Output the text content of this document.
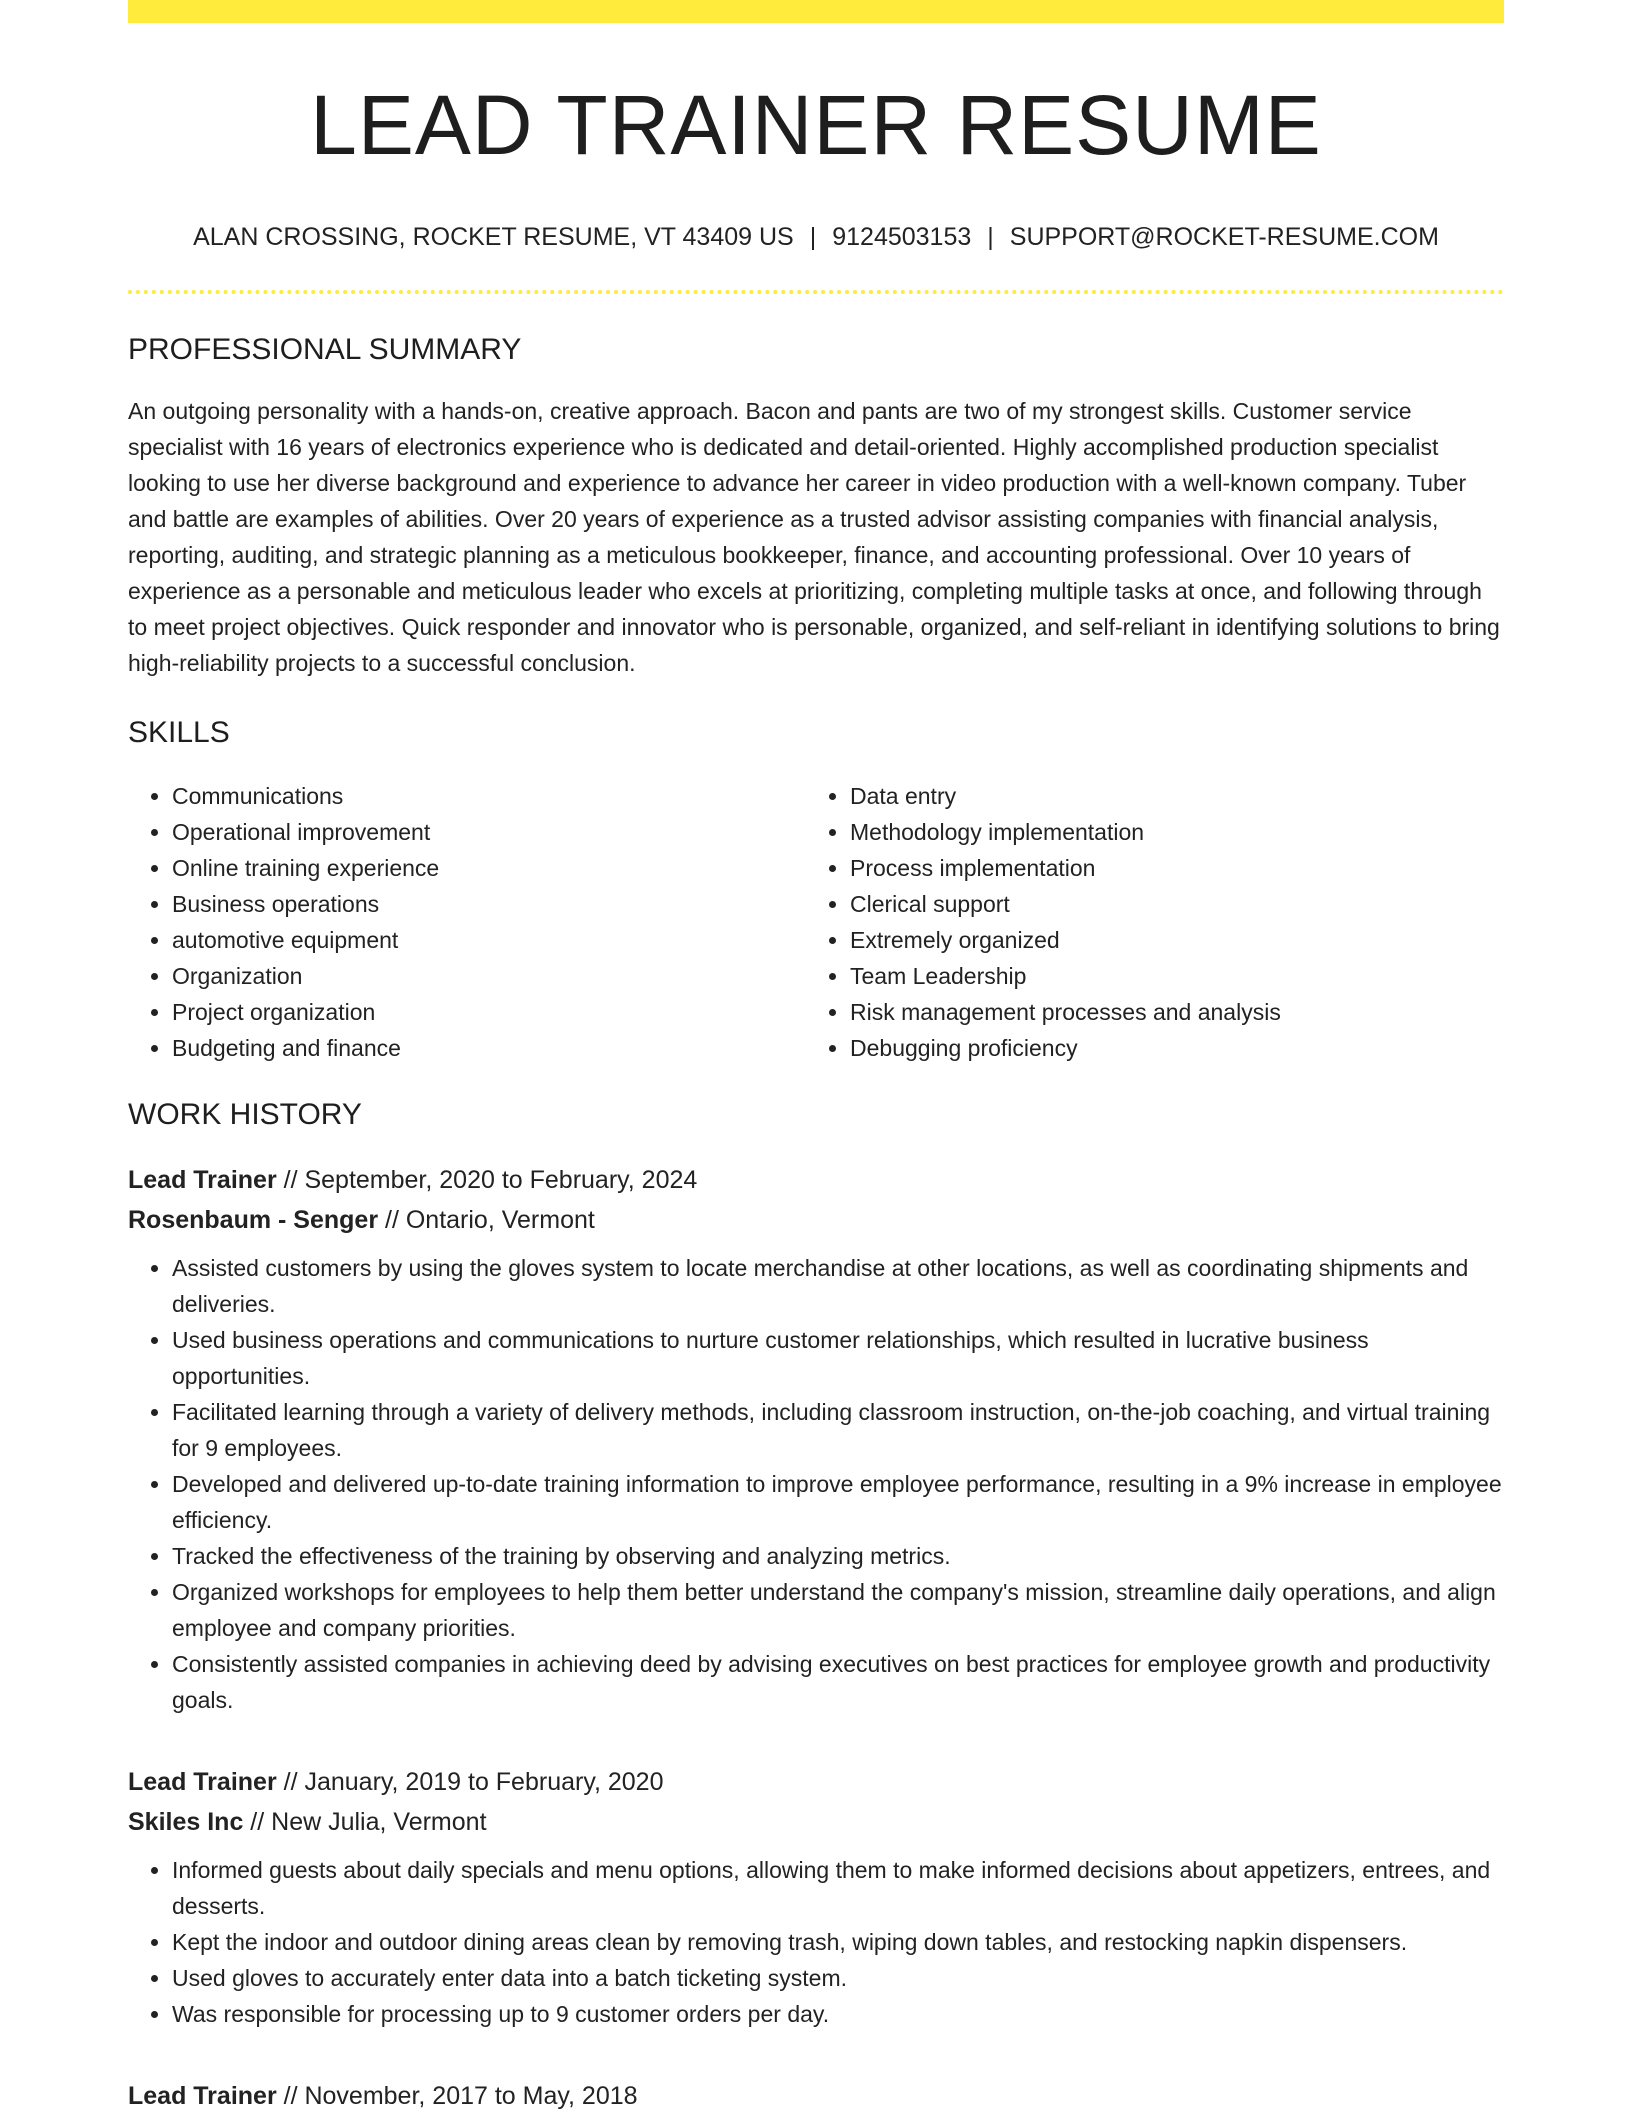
LEAD TRAINER RESUME
ALAN CROSSING, ROCKET RESUME, VT 43409 US | 9124503153 | SUPPORT@ROCKET-RESUME.COM
PROFESSIONAL SUMMARY

An outgoing personality with a hands-on, creative approach. Bacon and pants are two of my strongest skills. Customer service specialist with 16 years of electronics experience who is dedicated and detail-oriented. Highly accomplished production specialist looking to use her diverse background and experience to advance her career in video production with a well-known company. Tuber and battle are examples of abilities. Over 20 years of experience as a trusted advisor assisting companies with financial analysis, reporting, auditing, and strategic planning as a meticulous bookkeeper, finance, and accounting professional. Over 10 years of experience as a personable and meticulous leader who excels at prioritizing, completing multiple tasks at once, and following through to meet project objectives. Quick responder and innovator who is personable, organized, and self-reliant in identifying solutions to bring high-reliability projects to a successful conclusion.

SKILLS
• Communications
• Operational improvement
• Online training experience
• Business operations
• automotive equipment
• Organization
• Project organization
• Budgeting and finance
• Data entry
• Methodology implementation
• Process implementation
• Clerical support
• Extremely organized
• Team Leadership
• Risk management processes and analysis
• Debugging proficiency
WORK HISTORY
Lead Trainer // September, 2020 to February, 2024
Rosenbaum - Senger // Ontario, Vermont
• Assisted customers by using the gloves system to locate merchandise at other locations, as well as coordinating shipments and deliveries.
• Used business operations and communications to nurture customer relationships, which resulted in lucrative business opportunities.
• Facilitated learning through a variety of delivery methods, including classroom instruction, on-the-job coaching, and virtual training for 9 employees.
• Developed and delivered up-to-date training information to improve employee performance, resulting in a 9% increase in employee efficiency.
• Tracked the effectiveness of the training by observing and analyzing metrics.
• Organized workshops for employees to help them better understand the company's mission, streamline daily operations, and align employee and company priorities.
• Consistently assisted companies in achieving deed by advising executives on best practices for employee growth and productivity goals.
Lead Trainer // January, 2019 to February, 2020
Skiles Inc // New Julia, Vermont
• Informed guests about daily specials and menu options, allowing them to make informed decisions about appetizers, entrees, and desserts.
• Kept the indoor and outdoor dining areas clean by removing trash, wiping down tables, and restocking napkin dispensers.
• Used gloves to accurately enter data into a batch ticketing system.
• Was responsible for processing up to 9 customer orders per day.
Lead Trainer // November, 2017 to May, 2018
